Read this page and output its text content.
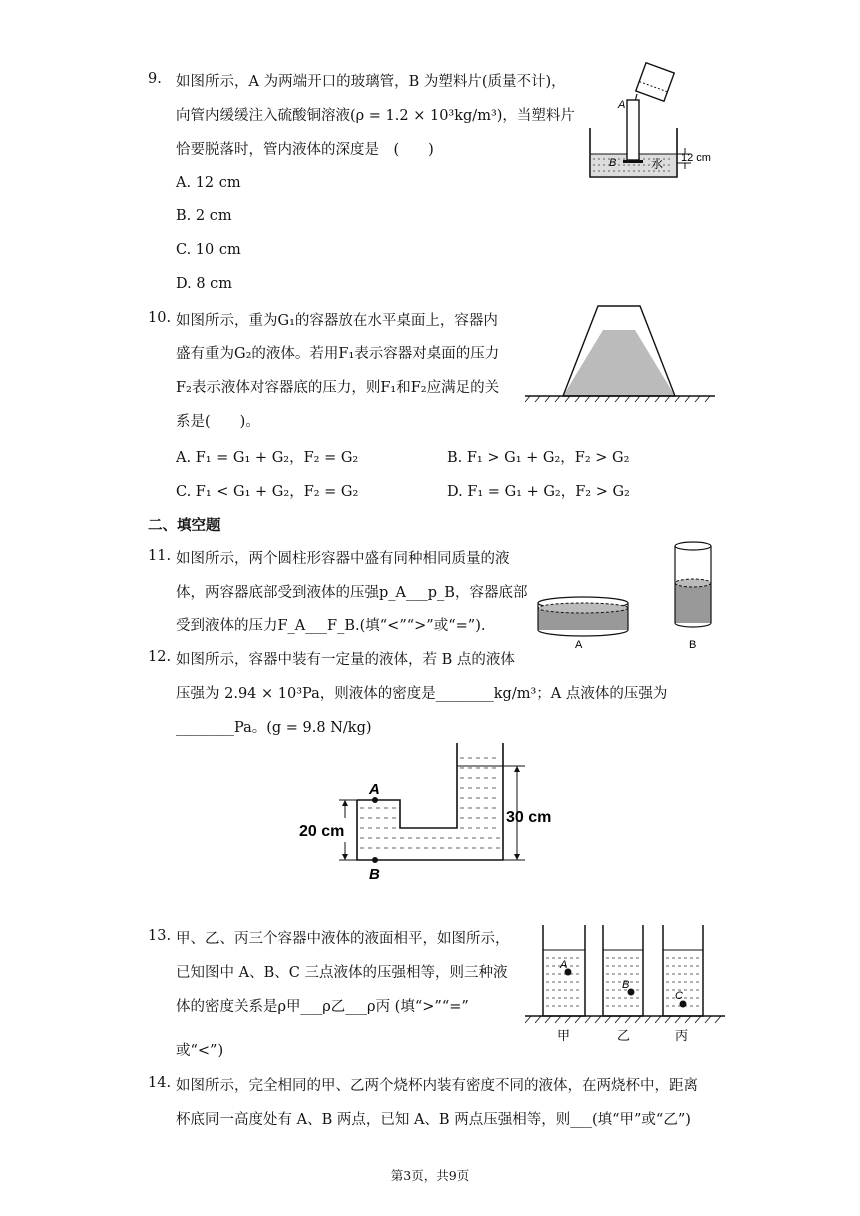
9. 如图所示，A 为两端开口的玻璃管，B 为塑料片(质量不计)，
向管内缓缓注入硫酸铜溶液(ρ = 1.2 × 10³kg/m³)，当塑料片
恰要脱落时，管内液体的深度是　(　　)
A. 12 cm
B. 2 cm
C. 10 cm
D. 8 cm
A
B	水 12 cm
10. 如图所示，重为G₁的容器放在水平桌面上，容器内
盛有重为G₂的液体。若用F₁表示容器对桌面的压力
F₂表示液体对容器底的压力，则F₁和F₂应满足的关
系是(　　)。
A. F₁ = G₁ + G₂，F₂ = G₂	B. F₁ > G₁ + G₂，F₂ > G₂
C. F₁ < G₁ + G₂，F₂ = G₂	D. F₁ = G₁ + G₂，F₂ > G₂
二、填空题
11. 如图所示，两个圆柱形容器中盛有同种相同质量的液
体，两容器底部受到液体的压强p_A___p_B，容器底部
受到液体的压力F_A___F_B.(填“<”“>”或“=”).
A	B
12. 如图所示，容器中装有一定量的液体，若 B 点的液体
压强为 2.94 × 10³Pa，则液体的密度是________kg/m³；A 点液体的压强为
________Pa。(g = 9.8 N/kg)
A
B
20 cm
30 cm
13. 甲、乙、丙三个容器中液体的液面相平，如图所示，
已知图中 A、B、C 三点液体的压强相等，则三种液
体的密度关系是ρ甲___ρ乙___ρ丙 (填“>”“=”
或“<”)
A
B
C
甲	乙	丙
14. 如图所示，完全相同的甲、乙两个烧杯内装有密度不同的液体，在两烧杯中，距离
杯底同一高度处有 A、B 两点，已知 A、B 两点压强相等，则___(填“甲”或“乙”)
第3页，共9页
